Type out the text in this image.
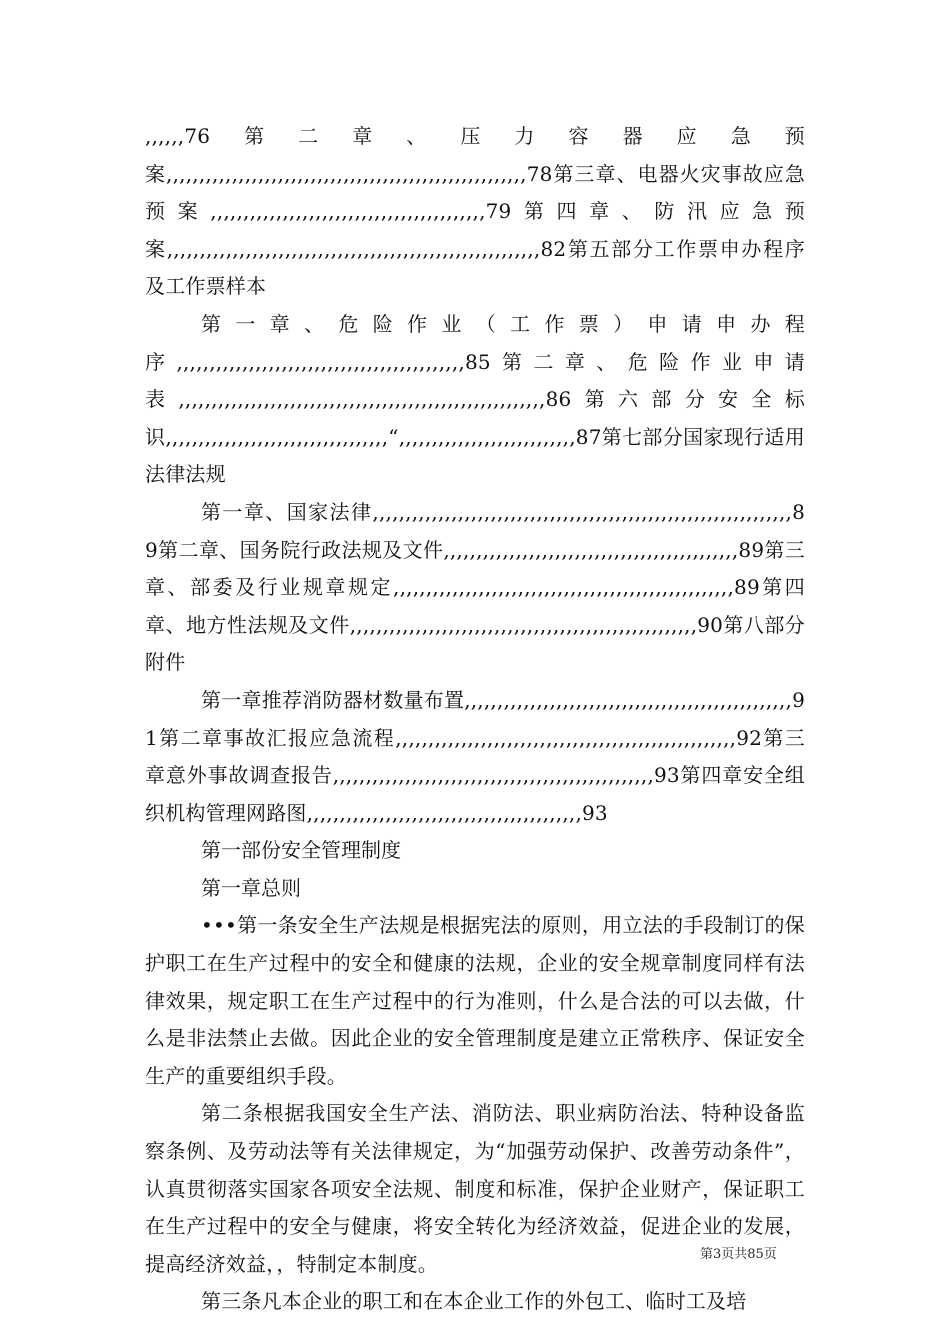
,,,,,,76第二章、压力容器应急预案,,,,,,,,,,,,,,,,,,,,,,,,,,,,,,,,,,,,,,,,,,,,,,,,,,,,,,,78第三章、电器火灾事故应急预案,,,,,,,,,,,,,,,,,,,,,,,,,,,,,,,,,,,,,,,,,,79第四章、防汛应急预案,,,,,,,,,,,,,,,,,,,,,,,,,,,,,,,,,,,,,,,,,,,,,,,,,,,,,,,,,82第五部分工作票申办程序及工作票样本

第一章、危险作业（工作票）申请申办程序,,,,,,,,,,,,,,,,,,,,,,,,,,,,,,,,,,,,,,,,,,,,85第二章、危险作业申请表,,,,,,,,,,,,,,,,,,,,,,,,,,,,,,,,,,,,,,,,,,,,,,,,,,,,,,,,86第六部分安全标识,,,,,,,,,,,,,,,,,,,,,,,,,,,,,,,,,,“,,,,,,,,,,,,,,,,,,,,,,,,,,,87第七部分国家现行适用法律法规

第一章、国家法律,,,,,,,,,,,,,,,,,,,,,,,,,,,,,,,,,,,,,,,,,,,,,,,,,,,,,,,,,,,,,,,,89第二章、国务院行政法规及文件,,,,,,,,,,,,,,,,,,,,,,,,,,,,,,,,,,,,,,,,,,,,,89第三章、部委及行业规章规定,,,,,,,,,,,,,,,,,,,,,,,,,,,,,,,,,,,,,,,,,,,,,,,,,,,,89第四章、地方性法规及文件,,,,,,,,,,,,,,,,,,,,,,,,,,,,,,,,,,,,,,,,,,,,,,,,,,,,,90第八部分附件

第一章推荐消防器材数量布置,,,,,,,,,,,,,,,,,,,,,,,,,,,,,,,,,,,,,,,,,,,,,,,,,,91第二章事故汇报应急流程,,,,,,,,,,,,,,,,,,,,,,,,,,,,,,,,,,,,,,,,,,,,,,,,,,,,92第三章意外事故调查报告,,,,,,,,,,,,,,,,,,,,,,,,,,,,,,,,,,,,,,,,,,,,,,,,,93第四章安全组织机构管理网路图,,,,,,,,,,,,,,,,,,,,,,,,,,,,,,,,,,,,,,,,,,93

第一部份安全管理制度

第一章总则

•••第一条安全生产法规是根据宪法的原则，用立法的手段制订的保护职工在生产过程中的安全和健康的法规，企业的安全规章制度同样有法律效果，规定职工在生产过程中的行为准则，什么是合法的可以去做，什么是非法禁止去做。因此企业的安全管理制度是建立正常秩序、保证安全生产的重要组织手段。

第二条根据我国安全生产法、消防法、职业病防治法、特种设备监察条例、及劳动法等有关法律规定，为“加强劳动保护、改善劳动条件”，认真贯彻落实国家各项安全法规、制度和标准，保护企业财产，保证职工在生产过程中的安全与健康，将安全转化为经济效益，促进企业的发展，提高经济效益，，特制定本制度。

第三条凡本企业的职工和在本企业工作的外包工、临时工及培

第3页共85页
